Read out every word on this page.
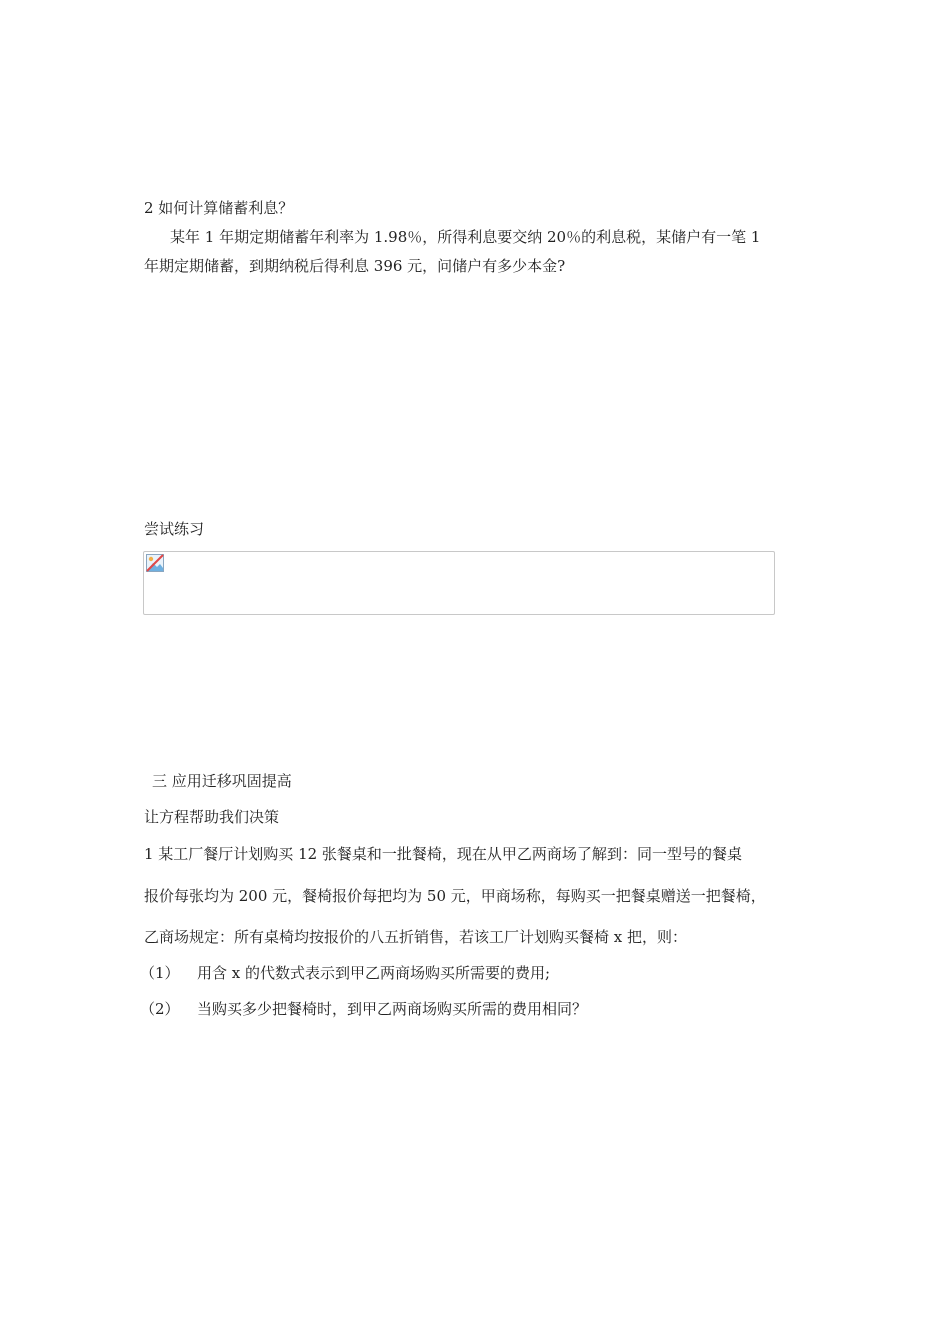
2 如何计算储蓄利息？
某年 1 年期定期储蓄年利率为 1.98％，所得利息要交纳 20％的利息税，某储户有一笔 1
年期定期储蓄，到期纳税后得利息 396 元，问储户有多少本金?
尝试练习
三 应用迁移巩固提高
让方程帮助我们决策
1 某工厂餐厅计划购买 12 张餐桌和一批餐椅，现在从甲乙两商场了解到：同一型号的餐桌
报价每张均为 200 元，餐椅报价每把均为 50 元，甲商场称，每购买一把餐桌赠送一把餐椅，
乙商场规定：所有桌椅均按报价的八五折销售，若该工厂计划购买餐椅 x 把，则：
（1） 用含 x 的代数式表示到甲乙两商场购买所需要的费用;
（2） 当购买多少把餐椅时，到甲乙两商场购买所需的费用相同？
